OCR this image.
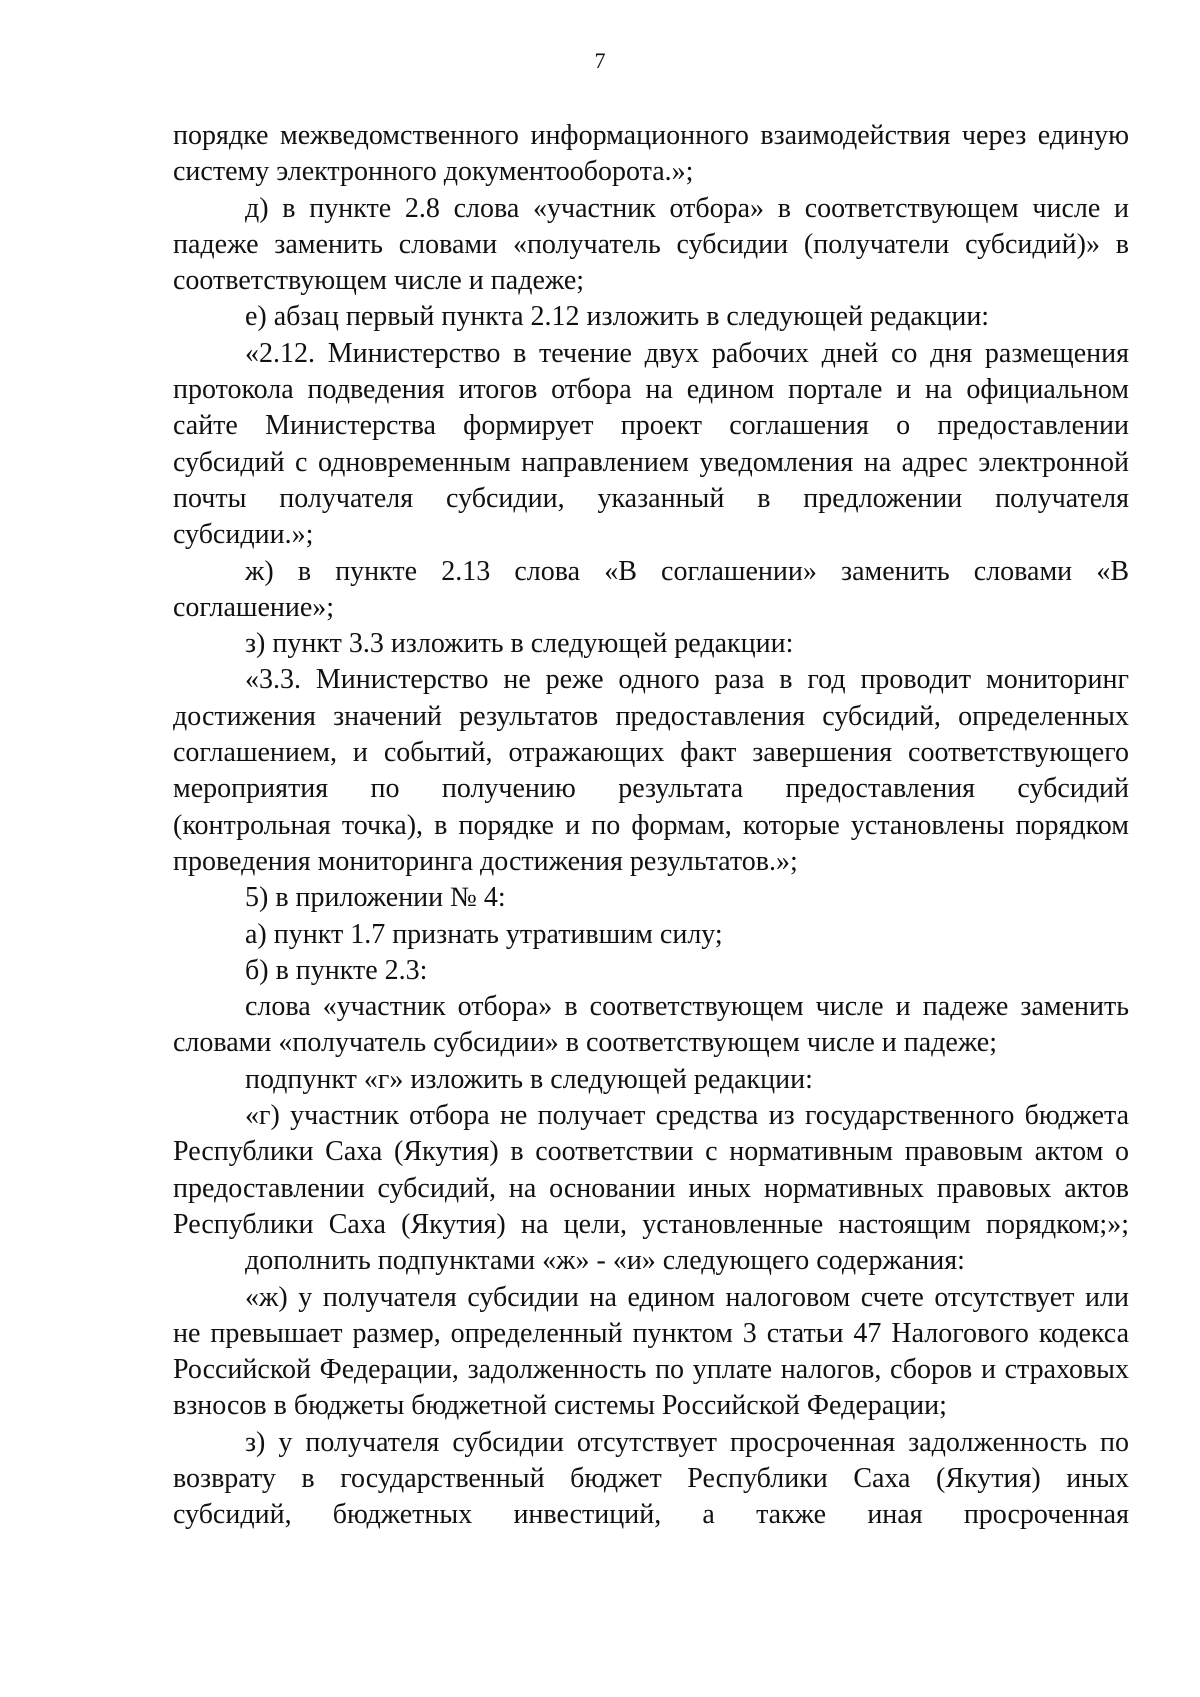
7
порядке межведомственного информационного взаимодействия через единую
систему электронного документооборота.»;
д) в пункте 2.8 слова «участник отбора» в соответствующем числе и
падеже заменить словами «получатель субсидии (получатели субсидий)» в
соответствующем числе и падеже;
е) абзац первый пункта 2.12 изложить в следующей редакции:
«2.12. Министерство в течение двух рабочих дней со дня размещения
протокола подведения итогов отбора на едином портале и на официальном
сайте Министерства формирует проект соглашения о предоставлении
субсидий с одновременным направлением уведомления на адрес электронной
почты получателя субсидии, указанный в предложении получателя
субсидии.»;
ж) в пункте 2.13 слова «В соглашении» заменить словами «В
соглашение»;
з) пункт 3.3 изложить в следующей редакции:
«3.3. Министерство не реже одного раза в год проводит мониторинг
достижения значений результатов предоставления субсидий, определенных
соглашением, и событий, отражающих факт завершения соответствующего
мероприятия по получению результата предоставления субсидий
(контрольная точка), в порядке и по формам, которые установлены порядком
проведения мониторинга достижения результатов.»;
5) в приложении № 4:
а) пункт 1.7 признать утратившим силу;
б) в пункте 2.3:
слова «участник отбора» в соответствующем числе и падеже заменить
словами «получатель субсидии» в соответствующем числе и падеже;
подпункт «г» изложить в следующей редакции:
«г) участник отбора не получает средства из государственного бюджета
Республики Саха (Якутия) в соответствии с нормативным правовым актом о
предоставлении субсидий, на основании иных нормативных правовых актов
Республики Саха (Якутия) на цели, установленные настоящим порядком;»;
дополнить подпунктами «ж» - «и» следующего содержания:
«ж) у получателя субсидии на едином налоговом счете отсутствует или
не превышает размер, определенный пунктом 3 статьи 47 Налогового кодекса
Российской Федерации, задолженность по уплате налогов, сборов и страховых
взносов в бюджеты бюджетной системы Российской Федерации;
з) у получателя субсидии отсутствует просроченная задолженность по
возврату в государственный бюджет Республики Саха (Якутия) иных
субсидий, бюджетных инвестиций, а также иная просроченная
